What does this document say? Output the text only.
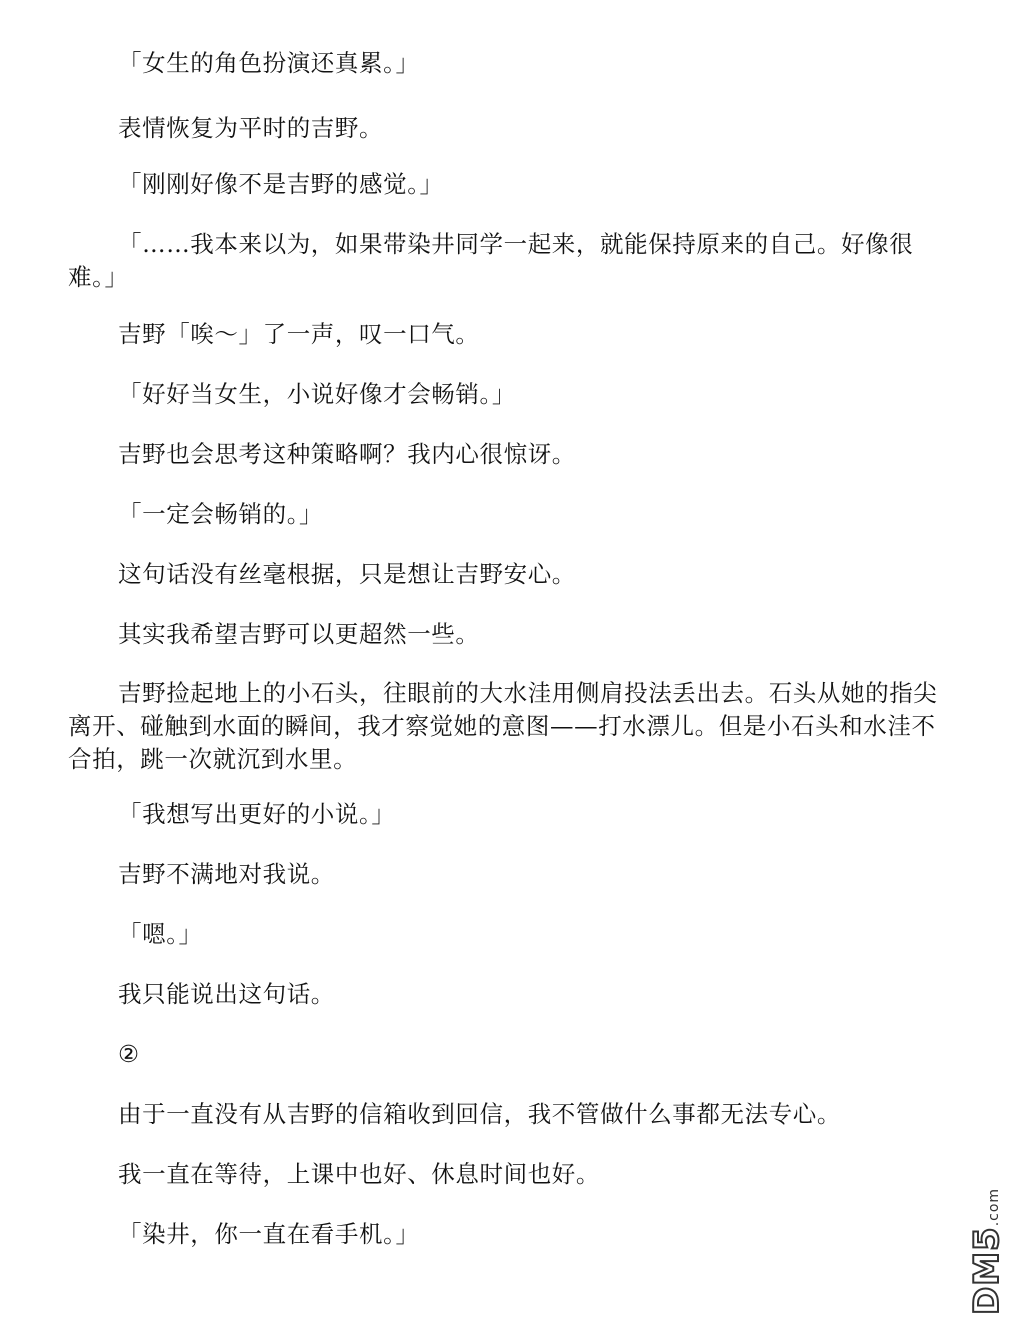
「女生的角色扮演还真累。」

表情恢复为平时的吉野。

「刚刚好像不是吉野的感觉。」

「……我本来以为，如果带染井同学一起来，就能保持原来的自己。好像很难。」

吉野「唉～」了一声，叹一口气。

「好好当女生，小说好像才会畅销。」

吉野也会思考这种策略啊？我内心很惊讶。

「一定会畅销的。」

这句话没有丝毫根据，只是想让吉野安心。

其实我希望吉野可以更超然一些。

吉野捡起地上的小石头，往眼前的大水洼用侧肩投法丢出去。石头从她的指尖离开、碰触到水面的瞬间，我才察觉她的意图——打水漂儿。但是小石头和水洼不合拍，跳一次就沉到水里。

「我想写出更好的小说。」

吉野不满地对我说。

「嗯。」

我只能说出这句话。

②

由于一直没有从吉野的信箱收到回信，我不管做什么事都无法专心。

我一直在等待，上课中也好、休息时间也好。

「染井，你一直在看手机。」	DM5.com
